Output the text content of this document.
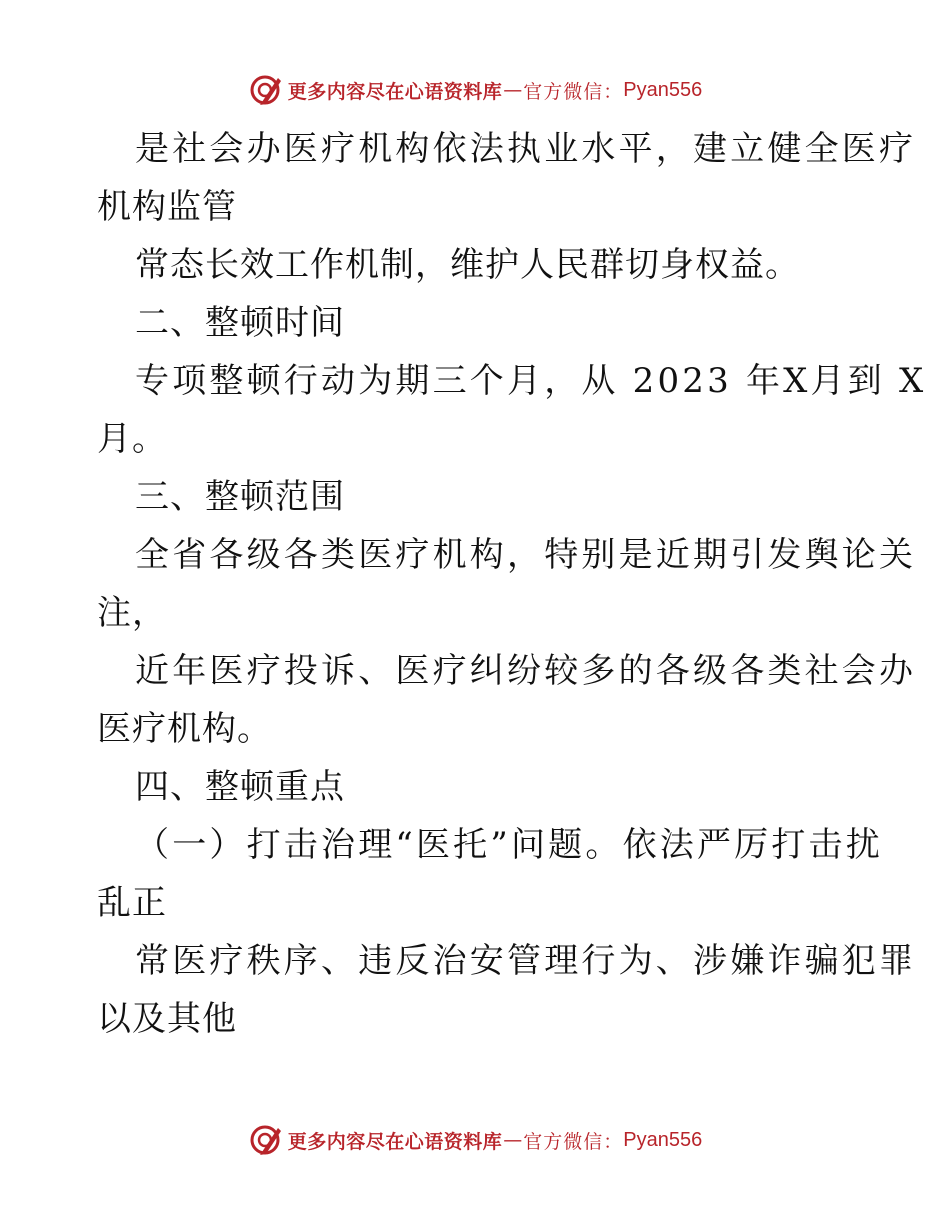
更多内容尽在心语资料库 — 官方微信： Pyan556
是社会办医疗机构依法执业水平，建立健全医疗
机构监管
常态长效工作机制，维护人民群切身权益。
二、整顿时间
专项整顿行动为期三个月，从 2023 年X月到 X
月。
三、整顿范围
全省各级各类医疗机构，特别是近期引发舆论关
注，
近年医疗投诉、医疗纠纷较多的各级各类社会办
医疗机构。
四、整顿重点
（一）打击治理“医托”问题。依法严厉打击扰
乱正
常医疗秩序、违反治安管理行为、涉嫌诈骗犯罪
以及其他
更多内容尽在心语资料库 — 官方微信： Pyan556
